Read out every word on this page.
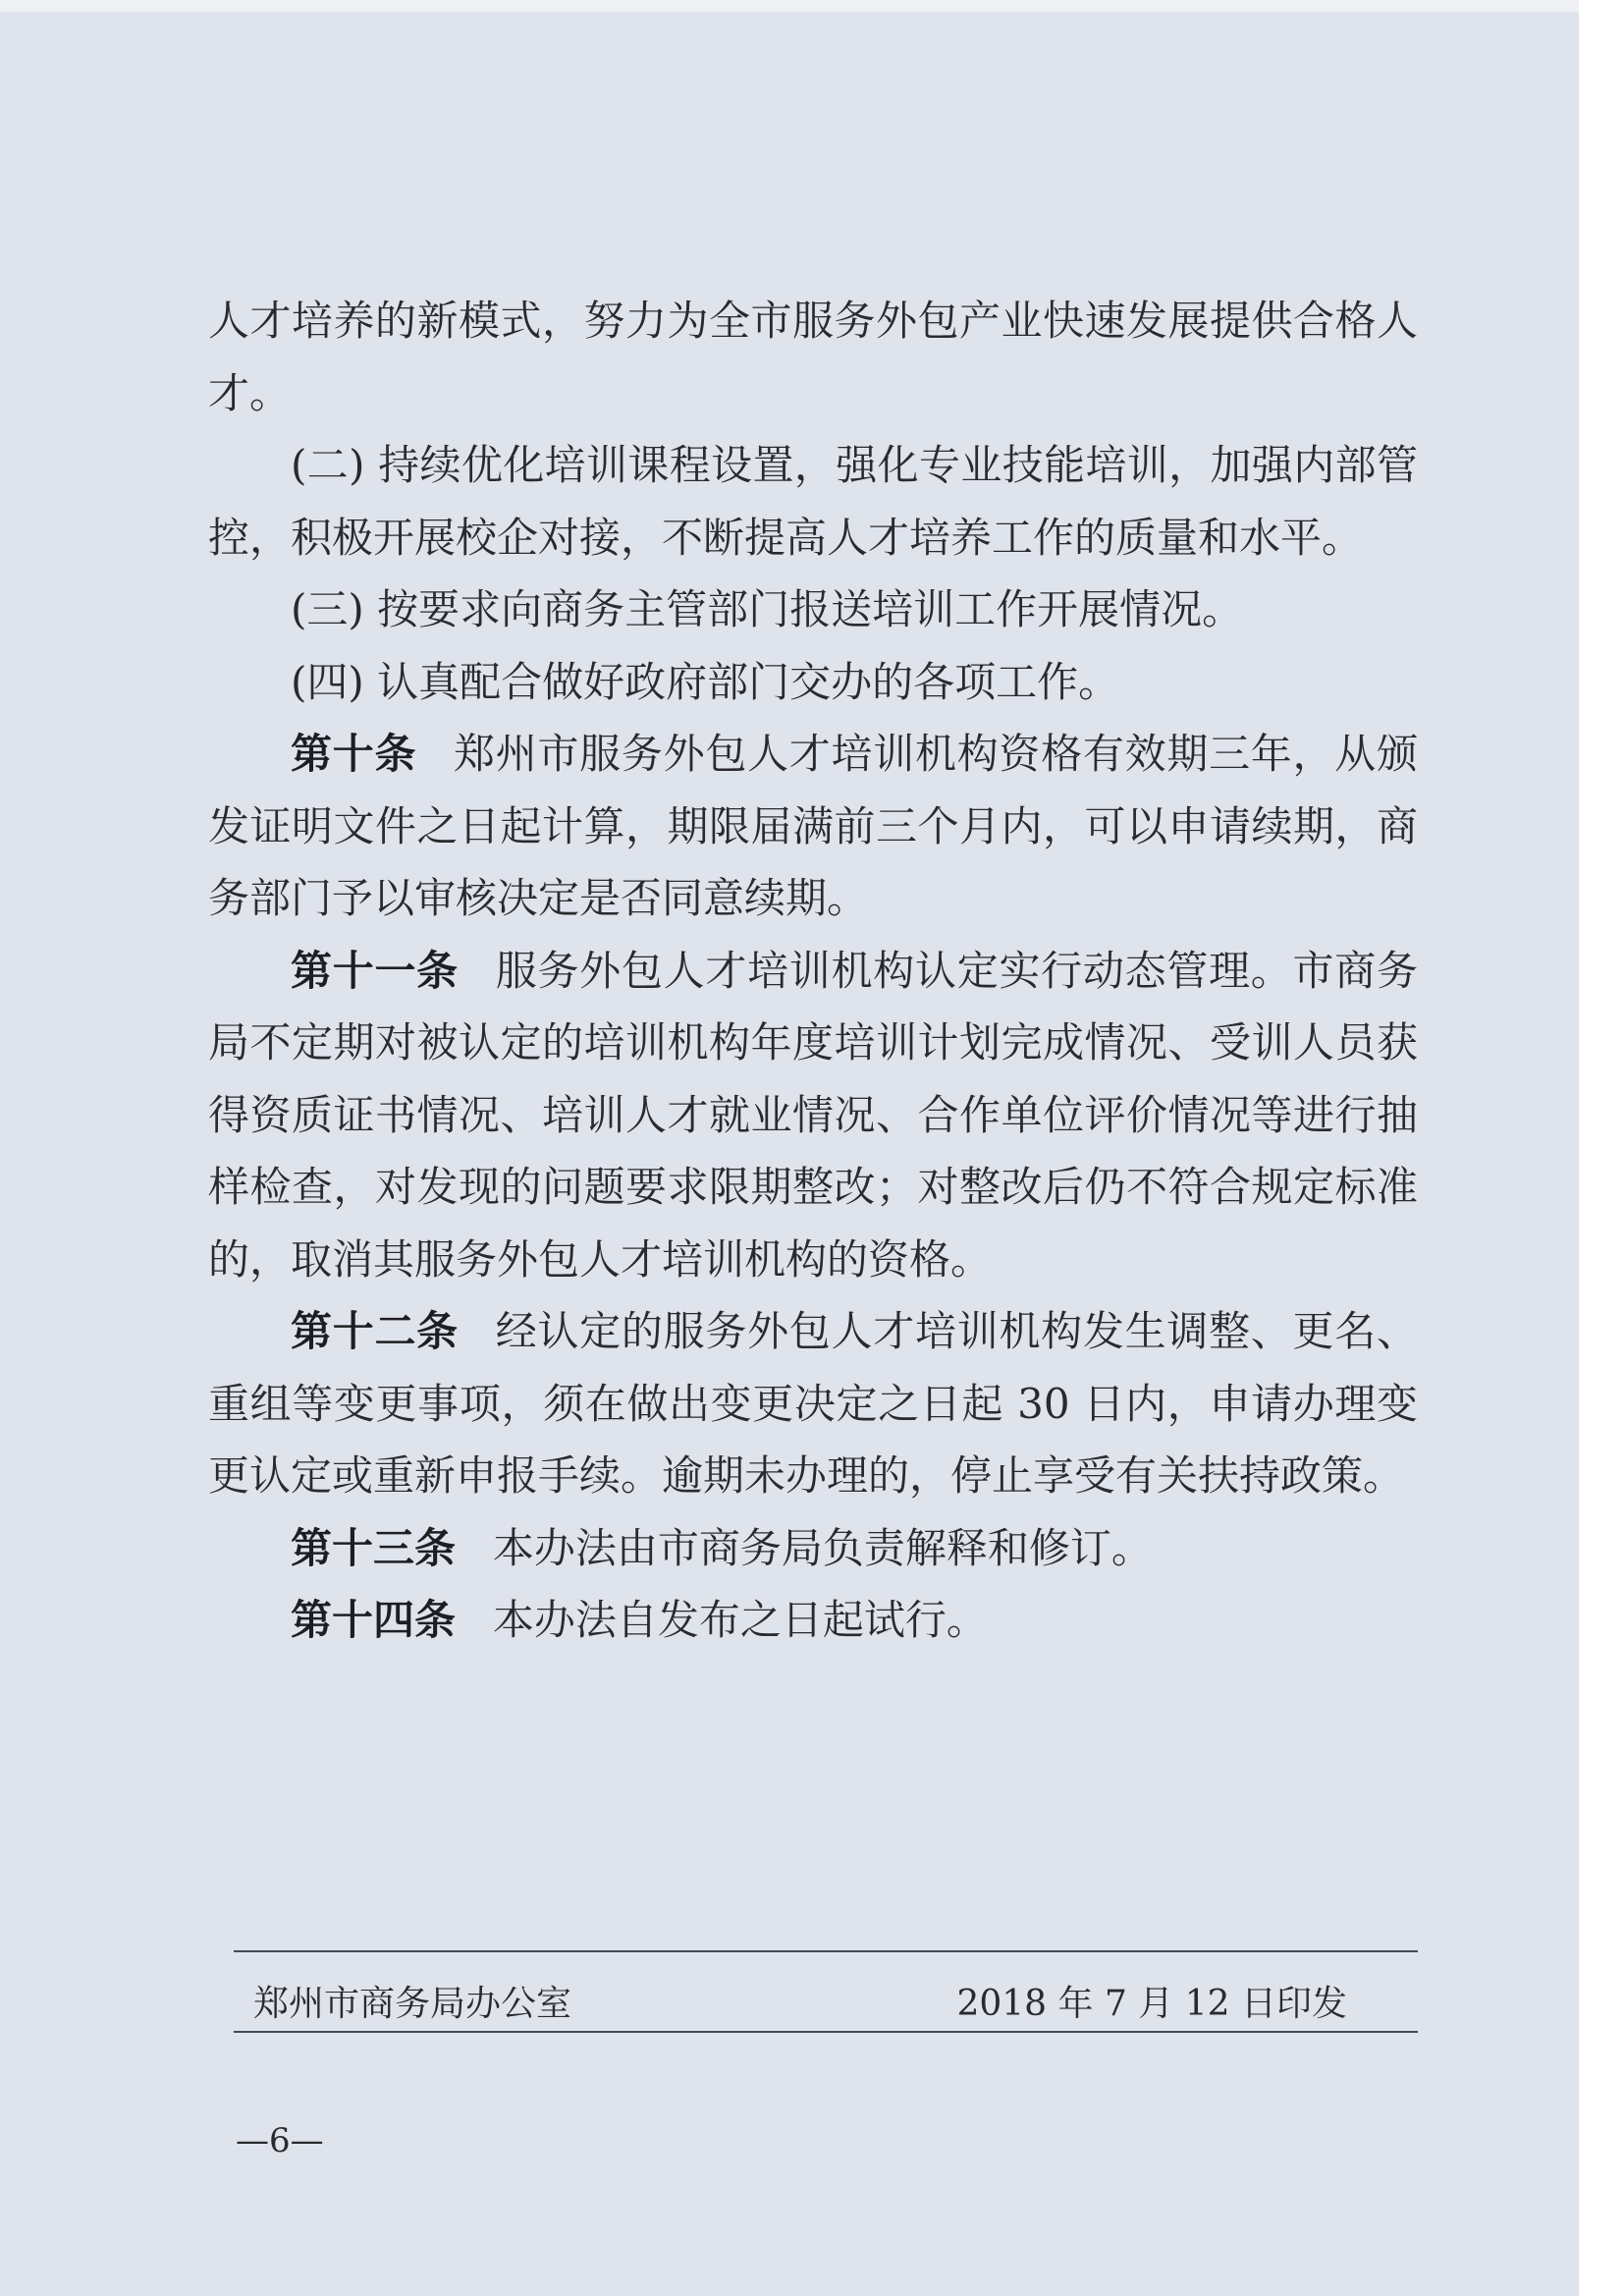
人才培养的新模式，努力为全市服务外包产业快速发展提供合格人才。

(二) 持续优化培训课程设置，强化专业技能培训，加强内部管控，积极开展校企对接，不断提高人才培养工作的质量和水平。

(三) 按要求向商务主管部门报送培训工作开展情况。

(四) 认真配合做好政府部门交办的各项工作。

第十条 郑州市服务外包人才培训机构资格有效期三年，从颁发证明文件之日起计算，期限届满前三个月内，可以申请续期，商务部门予以审核决定是否同意续期。

第十一条 服务外包人才培训机构认定实行动态管理。市商务局不定期对被认定的培训机构年度培训计划完成情况、受训人员获得资质证书情况、培训人才就业情况、合作单位评价情况等进行抽样检查，对发现的问题要求限期整改；对整改后仍不符合规定标准的，取消其服务外包人才培训机构的资格。

第十二条 经认定的服务外包人才培训机构发生调整、更名、重组等变更事项，须在做出变更决定之日起 30 日内，申请办理变更认定或重新申报手续。逾期未办理的，停止享受有关扶持政策。

第十三条 本办法由市商务局负责解释和修订。

第十四条 本办法自发布之日起试行。

郑州市商务局办公室	2018 年 7 月 12 日印发
—6—
